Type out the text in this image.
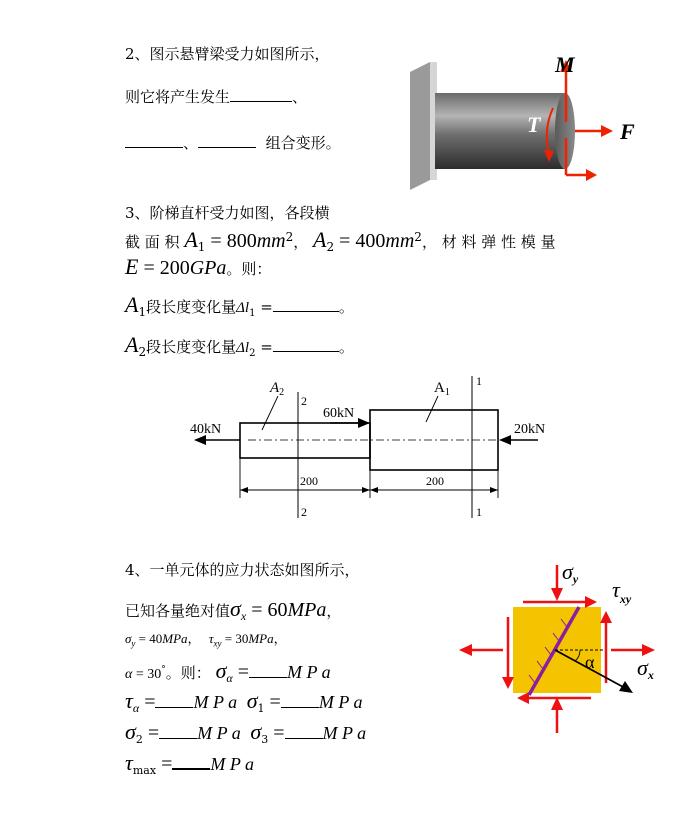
2、图示悬臂梁受力如图所示，
则它将产生发生	、
、	组合变形。
M
F
T
3、阶梯直杆受力如图，各段横
截 面 积 $A_1 = 800mm^2$， $A_2 = 400mm^2$， 材 料 弹 性 模 量
E = 200GPa。则：
$A_1$段长度变化量$\Delta l_1$ =	。
$A_2$段长度变化量$\Delta l_2$ =	。
2
2
1
1
$A_2$	$A_1$
40kN
60kN
20kN
200	200
4、一单元体的应力状态如图所示，
已知各量绝对值$\sigma_x = 60MPa$，
$\sigma_y = 40MPa$， $\tau_{xy} = 30MPa$，
α = 30°。则： $\sigma_\alpha = M$ P a
$\tau_\alpha = M$ P a $\sigma_1 = M$ P a
$\sigma_2 = M$ P a $\sigma_3 = M$ P a
$\tau_{max} = M$ P a
σy $\tau_{xy}$
σx
α
